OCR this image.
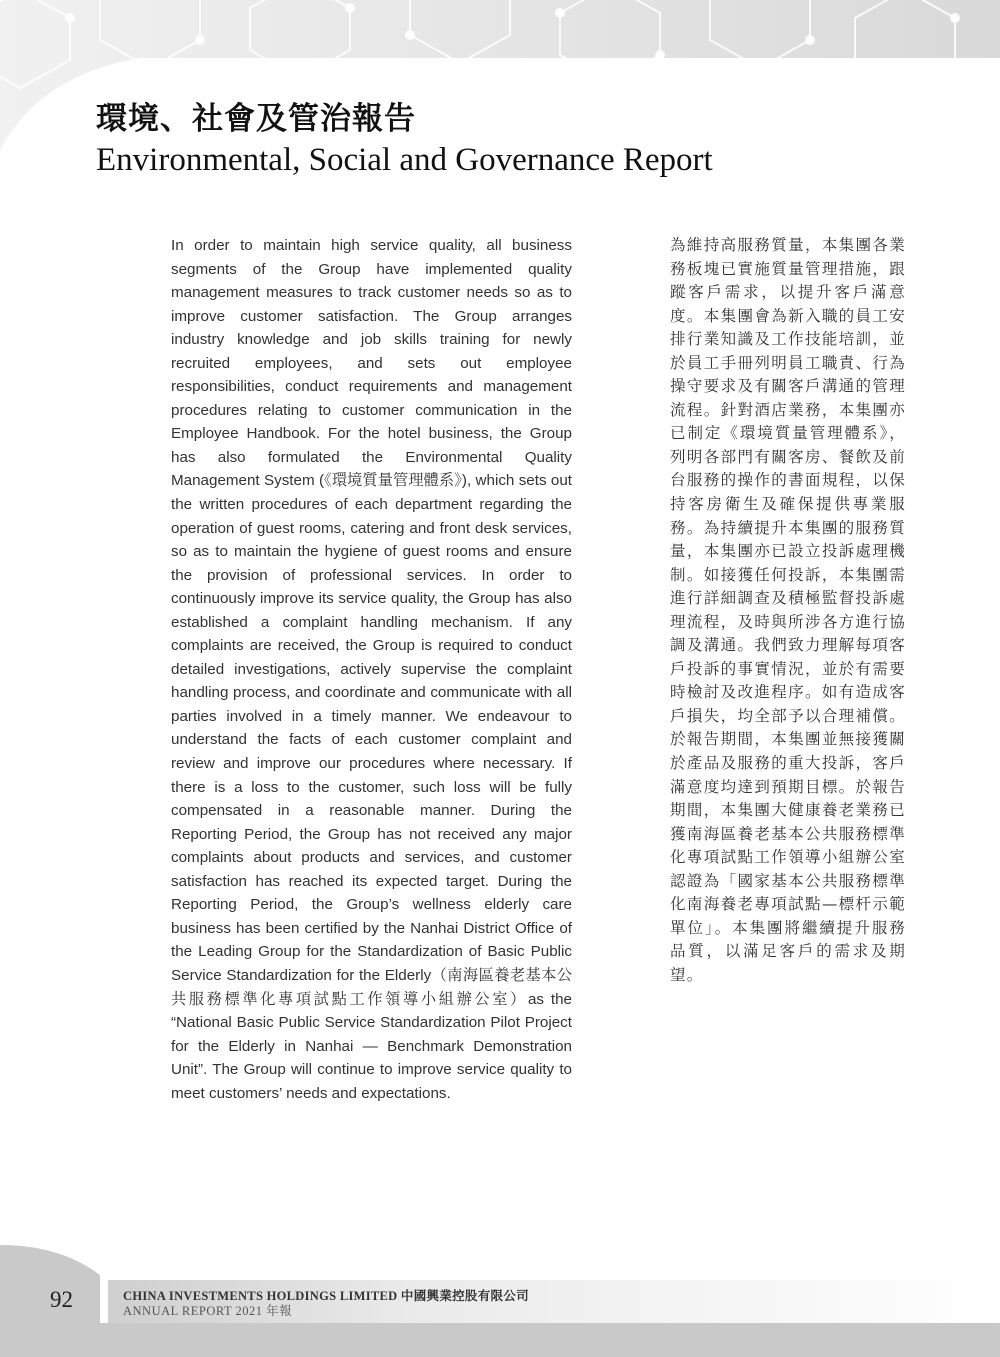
環境、社會及管治報告
Environmental, Social and Governance Report

In order to maintain high service quality, all business segments of the Group have implemented quality management measures to track customer needs so as to improve customer satisfaction. The Group arranges industry knowledge and job skills training for newly recruited employees, and sets out employee responsibilities, conduct requirements and management procedures relating to customer communication in the Employee Handbook. For the hotel business, the Group has also formulated the Environmental Quality Management System (《環境質量管理體系》), which sets out the written procedures of each department regarding the operation of guest rooms, catering and front desk services, so as to maintain the hygiene of guest rooms and ensure the provision of professional services. In order to continuously improve its service quality, the Group has also established a complaint handling mechanism. If any complaints are received, the Group is required to conduct detailed investigations, actively supervise the complaint handling process, and coordinate and communicate with all parties involved in a timely manner. We endeavour to understand the facts of each customer complaint and review and improve our procedures where necessary. If there is a loss to the customer, such loss will be fully compensated in a reasonable manner. During the Reporting Period, the Group has not received any major complaints about products and services, and customer satisfaction has reached its expected target. During the Reporting Period, the Group’s wellness elderly care business has been certified by the Nanhai District Office of the Leading Group for the Standardization of Basic Public Service Standardization for the Elderly（南海區養老基本公共服務標準化專項試點工作領導小組辦公室）as the “National Basic Public Service Standardization Pilot Project for the Elderly in Nanhai — Benchmark Demonstration Unit”. The Group will continue to improve service quality to meet customers’ needs and expectations.

為維持高服務質量，本集團各業務板塊已實施質量管理措施，跟蹤客戶需求，以提升客戶滿意度。本集團會為新入職的員工安排行業知識及工作技能培訓，並於員工手冊列明員工職責、行為操守要求及有關客戶溝通的管理流程。針對酒店業務，本集團亦已制定《環境質量管理體系》，列明各部門有關客房、餐飲及前台服務的操作的書面規程，以保持客房衛生及確保提供專業服務。為持續提升本集團的服務質量，本集團亦已設立投訴處理機制。如接獲任何投訴，本集團需進行詳細調查及積極監督投訴處理流程，及時與所涉各方進行協調及溝通。我們致力理解每項客戶投訴的事實情況，並於有需要時檢討及改進程序。如有造成客戶損失，均全部予以合理補償。於報告期間，本集團並無接獲關於產品及服務的重大投訴，客戶滿意度均達到預期目標。於報告期間，本集團大健康養老業務已獲南海區養老基本公共服務標準化專項試點工作領導小組辦公室認證為「國家基本公共服務標準化南海養老專項試點—標杆示範單位」。本集團將繼續提升服務品質，以滿足客戶的需求及期望。

92	CHINA INVESTMENTS HOLDINGS LIMITED 中國興業控股有限公司
ANNUAL REPORT 2021 年報
